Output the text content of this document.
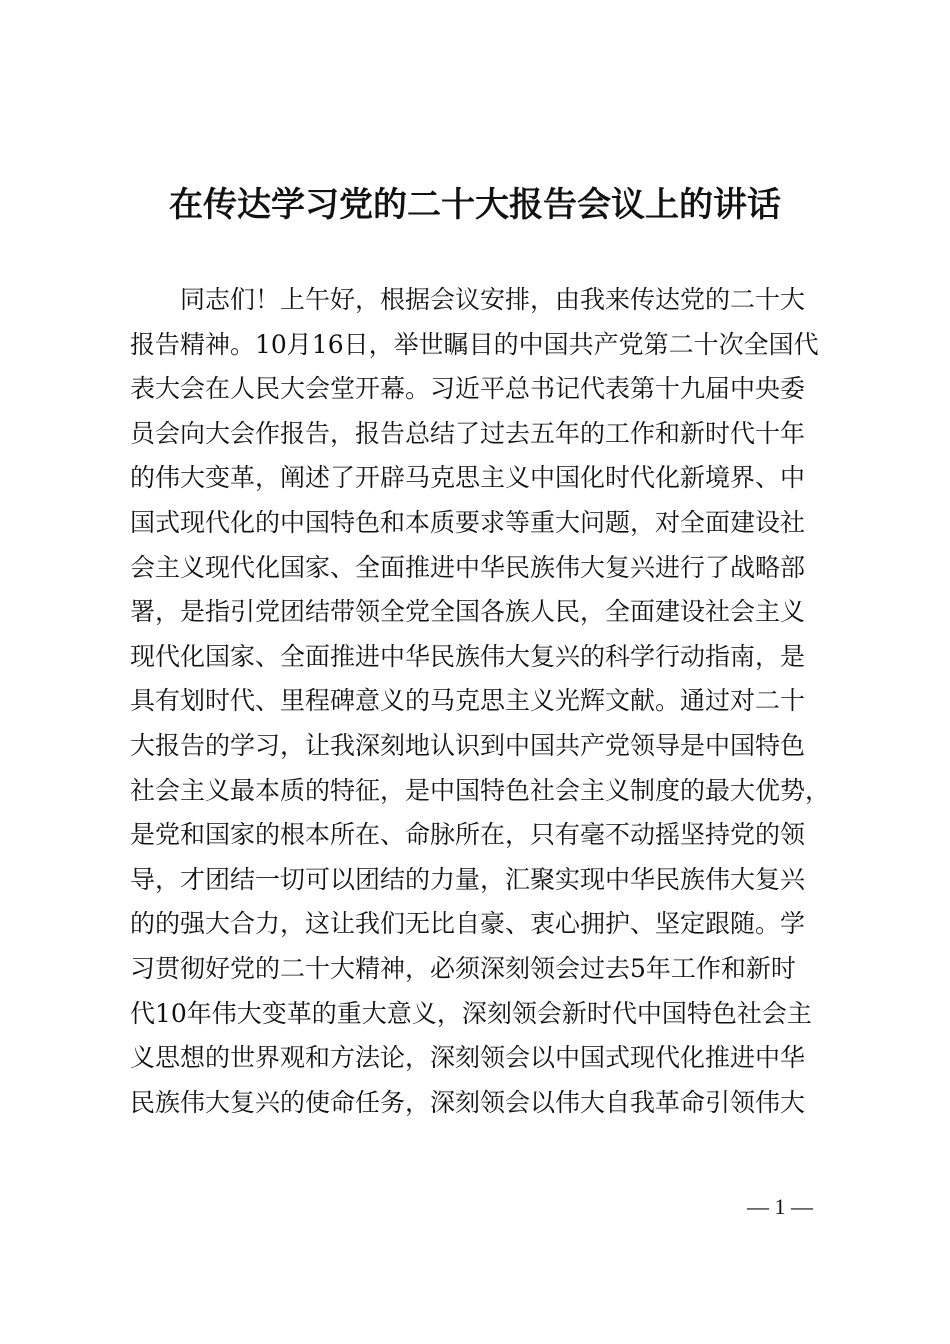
在传达学习党的二十大报告会议上的讲话
同志们！上午好，根据会议安排，由我来传达党的二十大
报告精神。10月16日，举世瞩目的中国共产党第二十次全国代
表大会在人民大会堂开幕。习近平总书记代表第十九届中央委
员会向大会作报告，报告总结了过去五年的工作和新时代十年
的伟大变革，阐述了开辟马克思主义中国化时代化新境界、中
国式现代化的中国特色和本质要求等重大问题，对全面建设社
会主义现代化国家、全面推进中华民族伟大复兴进行了战略部
署，是指引党团结带领全党全国各族人民，全面建设社会主义
现代化国家、全面推进中华民族伟大复兴的科学行动指南，是
具有划时代、里程碑意义的马克思主义光辉文献。通过对二十
大报告的学习，让我深刻地认识到中国共产党领导是中国特色
社会主义最本质的特征，是中国特色社会主义制度的最大优势，
是党和国家的根本所在、命脉所在，只有毫不动摇坚持党的领
导，才团结一切可以团结的力量，汇聚实现中华民族伟大复兴
的的强大合力，这让我们无比自豪、衷心拥护、坚定跟随。学
习贯彻好党的二十大精神，必须深刻领会过去5年工作和新时
代10年伟大变革的重大意义，深刻领会新时代中国特色社会主
义思想的世界观和方法论，深刻领会以中国式现代化推进中华
民族伟大复兴的使命任务，深刻领会以伟大自我革命引领伟大
— 1 —
